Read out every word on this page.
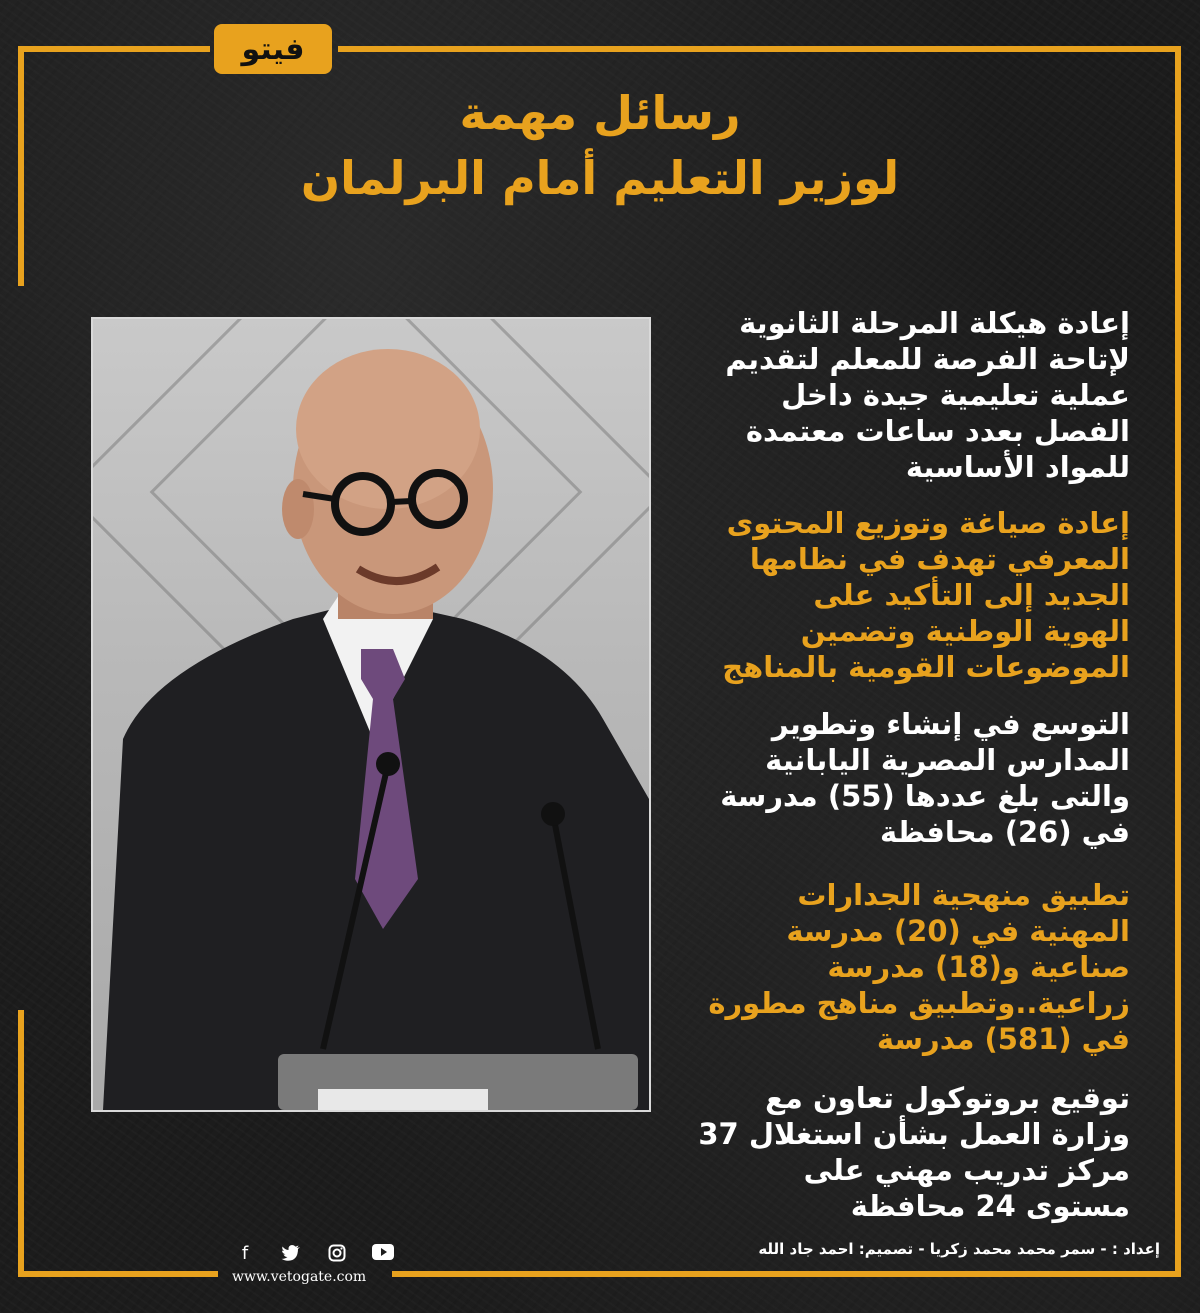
فيتو
رسائل مهمة
لوزير التعليم أمام البرلمان
إعادة هيكلة المرحلة الثانوية
لإتاحة الفرصة للمعلم لتقديم
عملية تعليمية جيدة داخل
الفصل بعدد ساعات معتمدة
للمواد الأساسية
إعادة صياغة وتوزيع المحتوى
المعرفي تهدف في نظامها
الجديد إلى التأكيد على
الهوية الوطنية وتضمين
الموضوعات القومية بالمناهج
التوسع في إنشاء وتطوير
المدارس المصرية اليابانية
والتى بلغ عددها (55) مدرسة
في (26) محافظة
تطبيق منهجية الجدارات
المهنية في (20) مدرسة
صناعية و(18) مدرسة
زراعية..وتطبيق مناهج مطورة
في (581) مدرسة
توقيع بروتوكول تعاون مع
وزارة العمل بشأن استغلال 37
مركز تدريب مهني على
مستوى 24 محافظة
f
www.vetogate.com
إعداد : - سمر محمد محمد زكريا - تصميم: احمد جاد الله
